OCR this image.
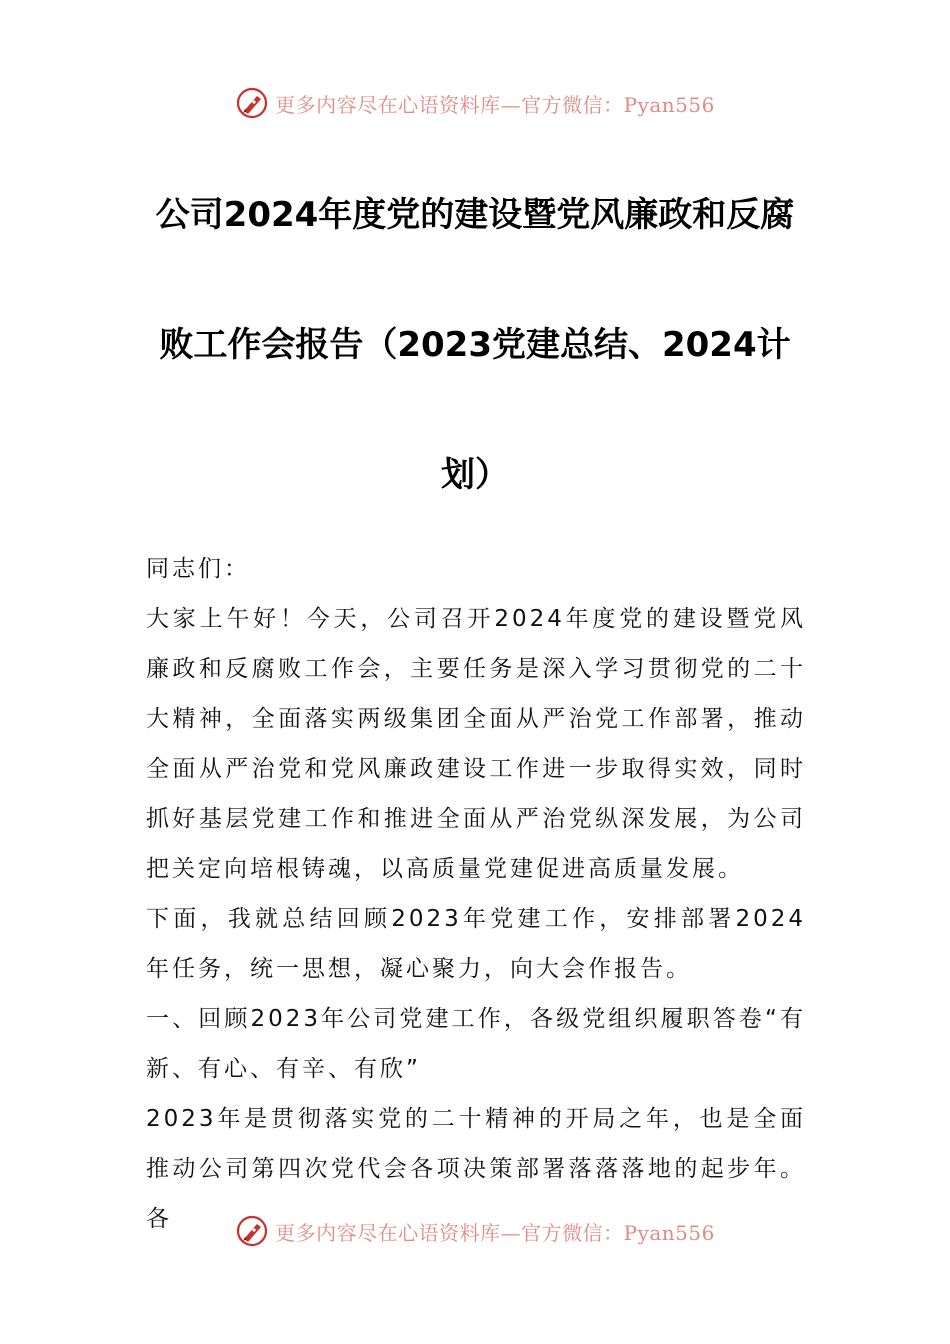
更多内容尽在心语资料库—官方微信：Pyan556
公司2024年度党的建设暨党风廉政和反腐
败工作会报告（2023党建总结、2024计
划）

同志们：

大家上午好！今天，公司召开2024年度党的建设暨党风廉政和反腐败工作会，主要任务是深入学习贯彻党的二十大精神，全面落实两级集团全面从严治党工作部署，推动全面从严治党和党风廉政建设工作进一步取得实效，同时抓好基层党建工作和推进全面从严治党纵深发展，为公司把关定向培根铸魂，以高质量党建促进高质量发展。

下面，我就总结回顾2023年党建工作，安排部署2024年任务，统一思想，凝心聚力，向大会作报告。

一、回顾2023年公司党建工作，各级党组织履职答卷“有新、有心、有辛、有欣”

2023年是贯彻落实党的二十精神的开局之年，也是全面推动公司第四次党代会各项决策部署落落落地的起步年。各

更多内容尽在心语资料库—官方微信：Pyan556
